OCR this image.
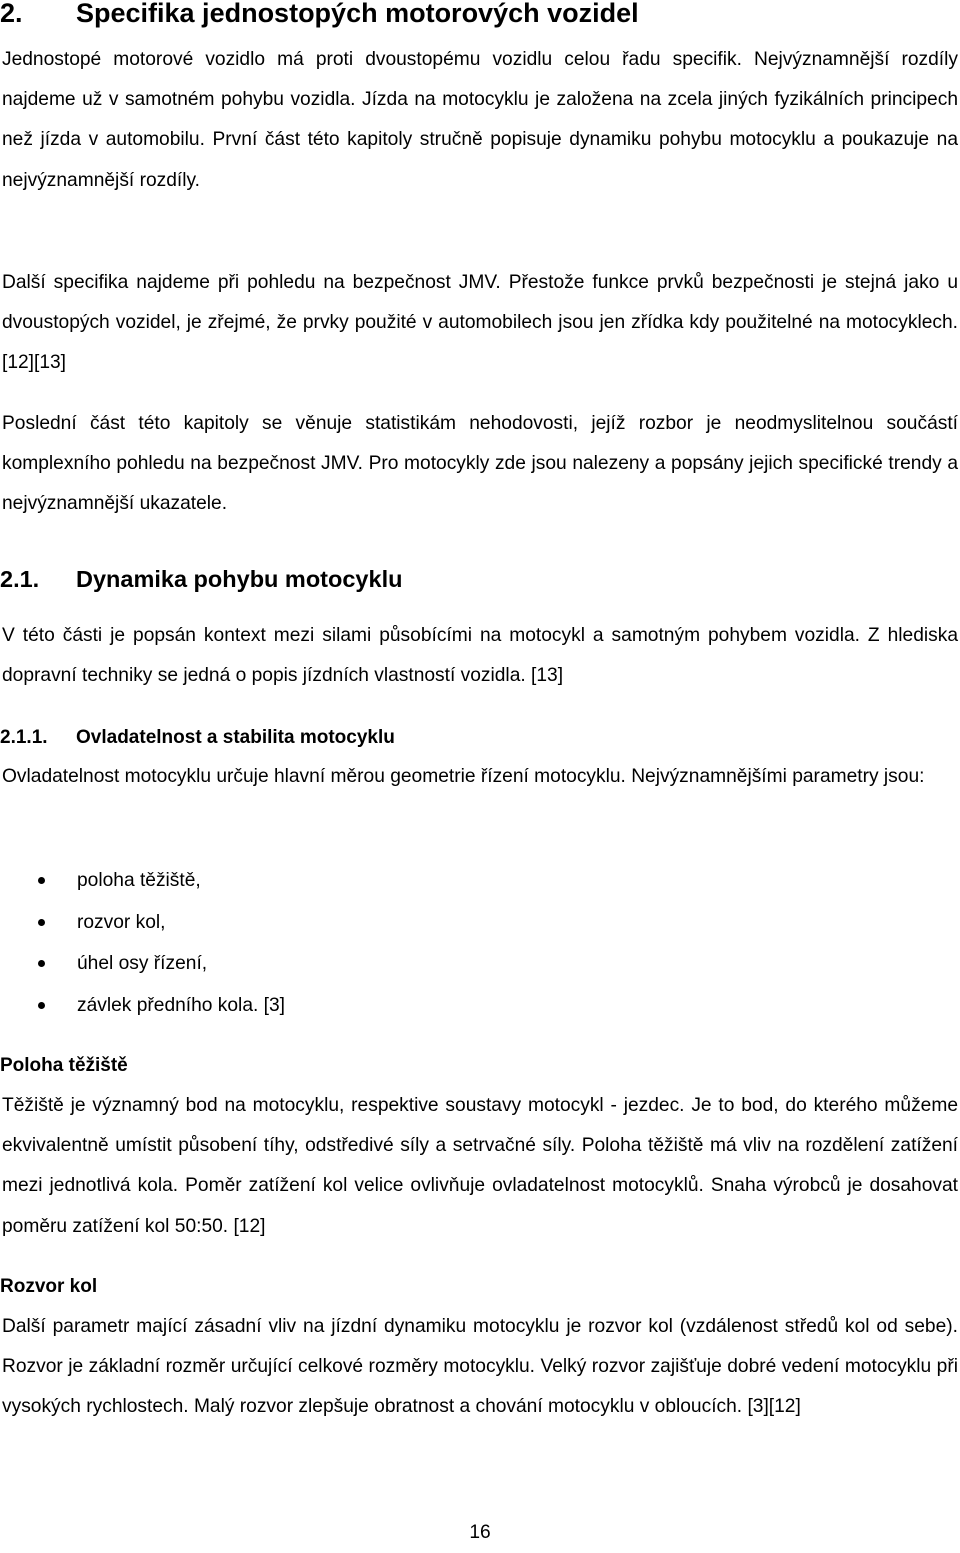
2. Specifika jednostopých motorových vozidel

Jednostopé motorové vozidlo má proti dvoustopému vozidlu celou řadu specifik. Nejvýznamnější rozdíly najdeme už v samotném pohybu vozidla. Jízda na motocyklu je založena na zcela jiných fyzikálních principech než jízda v automobilu. První část této kapitoly stručně popisuje dynamiku pohybu motocyklu a poukazuje na nejvýznamnější rozdíly.

Další specifika najdeme při pohledu na bezpečnost JMV. Přestože funkce prvků bezpečnosti je stejná jako u dvoustopých vozidel, je zřejmé, že prvky použité v automobilech jsou jen zřídka kdy použitelné na motocyklech. [12][13]

Poslední část této kapitoly se věnuje statistikám nehodovosti, jejíž rozbor je neodmyslitelnou součástí komplexního pohledu na bezpečnost JMV. Pro motocykly zde jsou nalezeny a popsány jejich specifické trendy a nejvýznamnější ukazatele.

2.1. Dynamika pohybu motocyklu

V této části je popsán kontext mezi silami působícími na motocykl a samotným pohybem vozidla. Z hlediska dopravní techniky se jedná o popis jízdních vlastností vozidla. [13]

2.1.1. Ovladatelnost a stabilita motocyklu

Ovladatelnost motocyklu určuje hlavní měrou geometrie řízení motocyklu. Nejvýznamnějšími parametry jsou:

poloha těžiště,
rozvor kol,
úhel osy řízení,
závlek předního kola. [3]
Poloha těžiště

Těžiště je významný bod na motocyklu, respektive soustavy motocykl - jezdec. Je to bod, do kterého můžeme ekvivalentně umístit působení tíhy, odstředivé síly a setrvačné síly. Poloha těžiště má vliv na rozdělení zatížení mezi jednotlivá kola. Poměr zatížení kol velice ovlivňuje ovladatelnost motocyklů. Snaha výrobců je dosahovat poměru zatížení kol 50:50. [12]

Rozvor kol

Další parametr mající zásadní vliv na jízdní dynamiku motocyklu je rozvor kol (vzdálenost středů kol od sebe). Rozvor je základní rozměr určující celkové rozměry motocyklu. Velký rozvor zajišťuje dobré vedení motocyklu při vysokých rychlostech. Malý rozvor zlepšuje obratnost a chování motocyklu v obloucích. [3][12]

16
